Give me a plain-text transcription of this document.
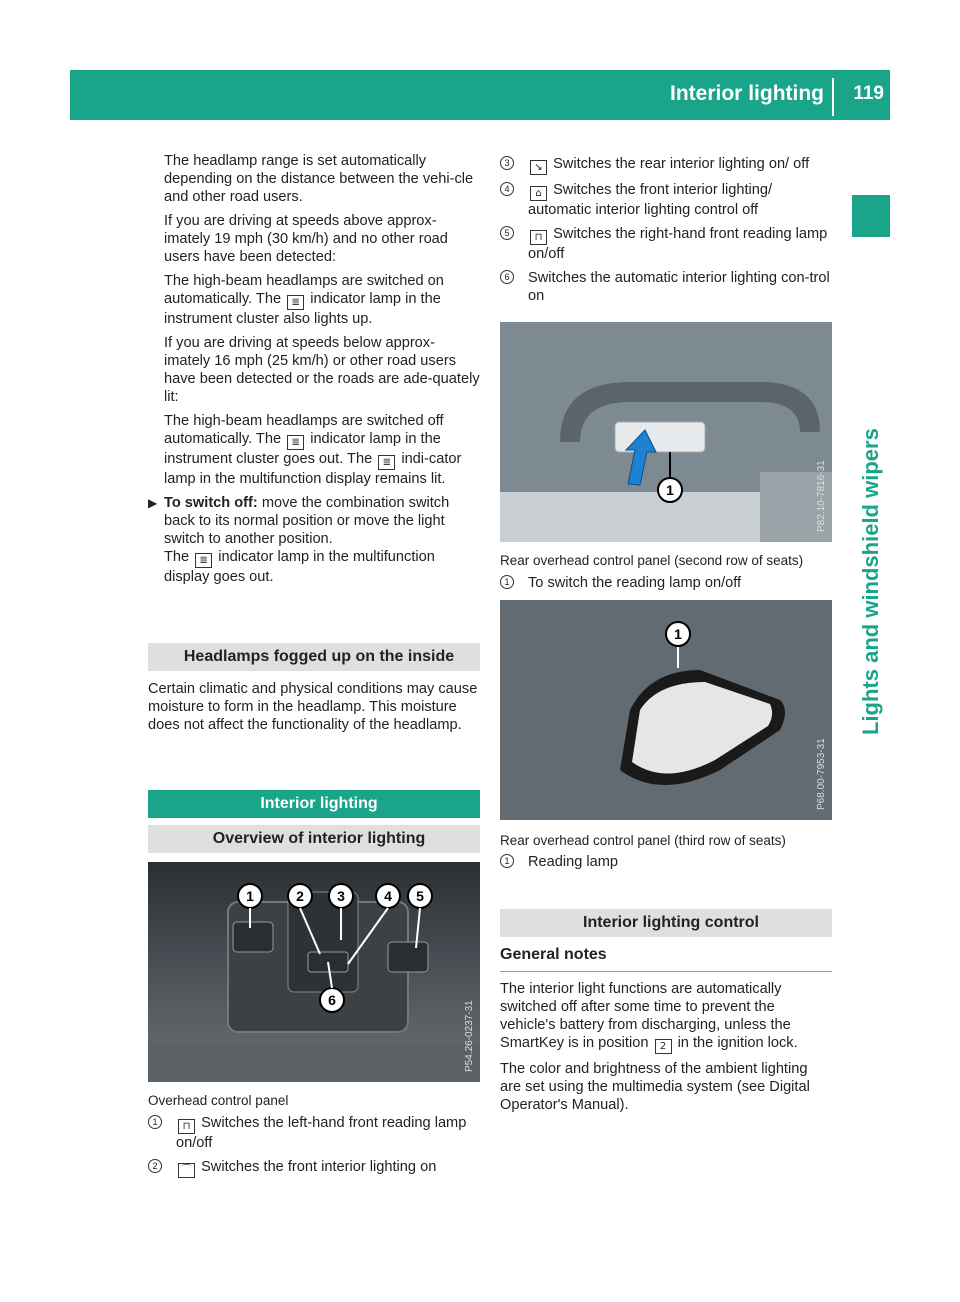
Interior lighting 119
Lights and windshield wipers

The headlamp range is set automatically depending on the distance between the vehi-cle and other road users.

If you are driving at speeds above approx-imately 19 mph (30 km/h) and no other road users have been detected:

The high-beam headlamps are switched on automatically. The ≣ indicator lamp in the instrument cluster also lights up.

If you are driving at speeds below approx-imately 16 mph (25 km/h) or other road users have been detected or the roads are ade-quately lit:

The high-beam headlamps are switched off automatically. The ≣ indicator lamp in the instrument cluster goes out. The ≣ indi-cator lamp in the multifunction display remains lit.

▶ To switch off: move the combination switch back to its normal position or move the light switch to another position.
The ≣ indicator lamp in the multifunction display goes out.

Headlamps fogged up on the inside

Certain climatic and physical conditions may cause moisture to form in the headlamp. This moisture does not affect the functionality of the headlamp.

Interior lighting
Overview of interior lighting
P54.26-0237-31
1	2 3	4 5
6
Overhead control panel
1	⊓ Switches the left-hand front reading lamp on/off
2	⌒ Switches the front interior lighting on
3	↘ Switches the rear interior lighting on/ off
4	⌂ Switches the front interior lighting/ automatic interior lighting control off
5	⊓ Switches the right-hand front reading lamp on/off
6	Switches the automatic interior lighting con-trol on
P82.10-7816-31
1
Rear overhead control panel (second row of seats)
1	To switch the reading lamp on/off
P68.00-7953-31
1
Rear overhead control panel (third row of seats)
1	Reading lamp
Interior lighting control
General notes

The interior light functions are automatically switched off after some time to prevent the vehicle's battery from discharging, unless the SmartKey is in position 2 in the ignition lock.

The color and brightness of the ambient lighting are set using the multimedia system (see Digital Operator's Manual).
